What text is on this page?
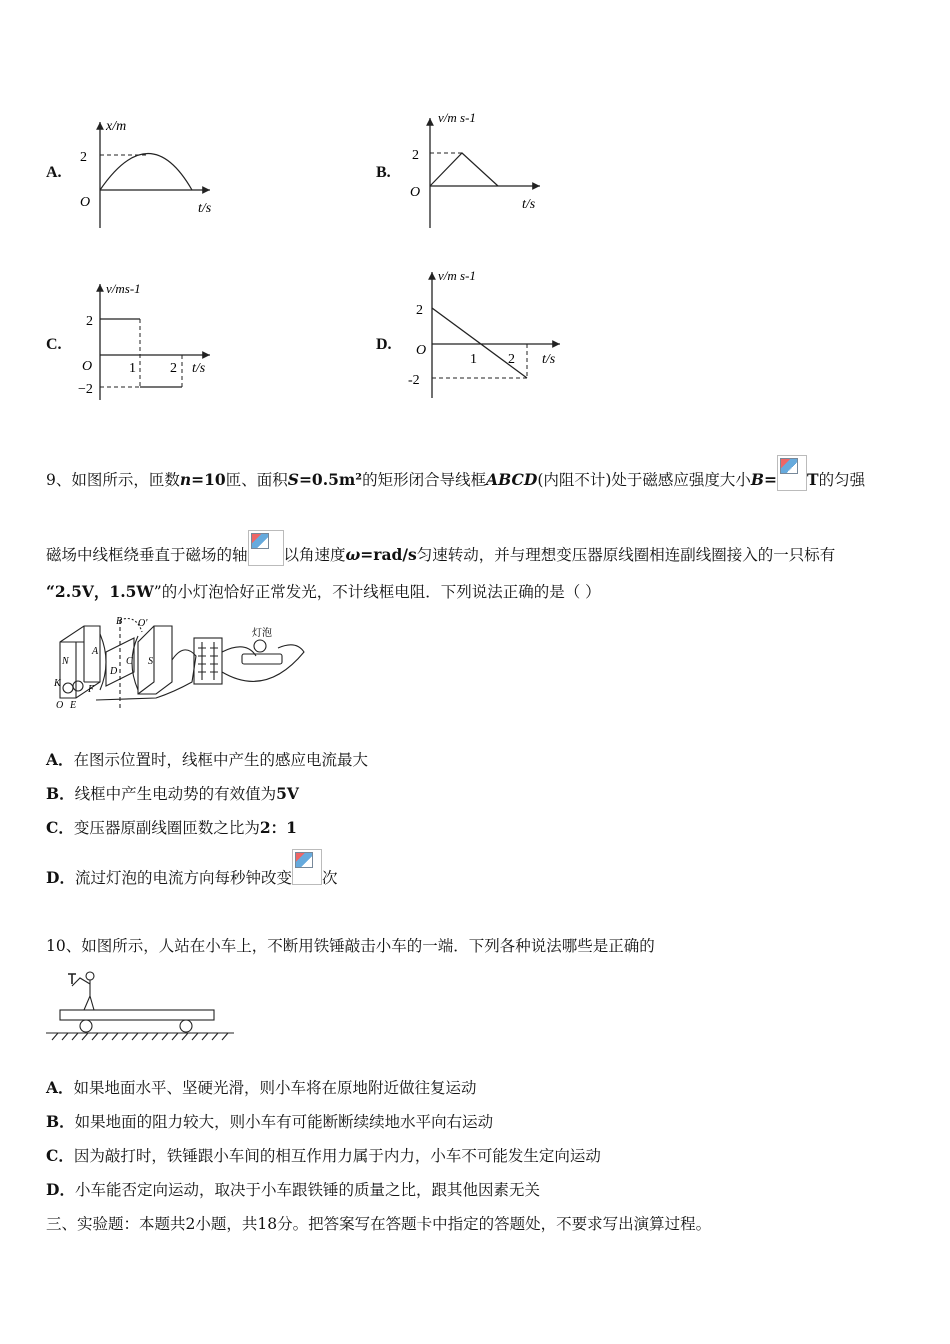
A.
x/m
2
O	t/s
B.
v/m s-1
2
O
t/s
C.
v/ms-1
2
−2
O	1 2 t/s
D.
v/m s-1
2
-2
O
1 2 t/s
9、如图所示，匝数n=10匝、面积S=0.5m²的矩形闭合导线框ABCD(内阻不计)处于磁感应强度大小B= T的匀强
磁场中线框绕垂直于磁场的轴 以角速度ω=rad/s匀速转动，并与理想变压器原线圈相连副线圈接入的一只标有
“2.5V，1.5W”的小灯泡恰好正常发光，不计线框电阻．下列说法正确的是（ ）
N	S
A
B
C
D
O'
K
F
O E
灯泡
A．在图示位置时，线框中产生的感应电流最大
B．线框中产生电动势的有效值为5V
C．变压器原副线圈匝数之比为2：1
D．流过灯泡的电流方向每秒钟改变 次
10、如图所示，人站在小车上，不断用铁锤敲击小车的一端．下列各种说法哪些是正确的
A．如果地面水平、坚硬光滑，则小车将在原地附近做往复运动
B．如果地面的阻力较大，则小车有可能断断续续地水平向右运动
C．因为敲打时，铁锤跟小车间的相互作用力属于内力，小车不可能发生定向运动
D．小车能否定向运动，取决于小车跟铁锤的质量之比，跟其他因素无关
三、实验题：本题共2小题，共18分。把答案写在答题卡中指定的答题处，不要求写出演算过程。
